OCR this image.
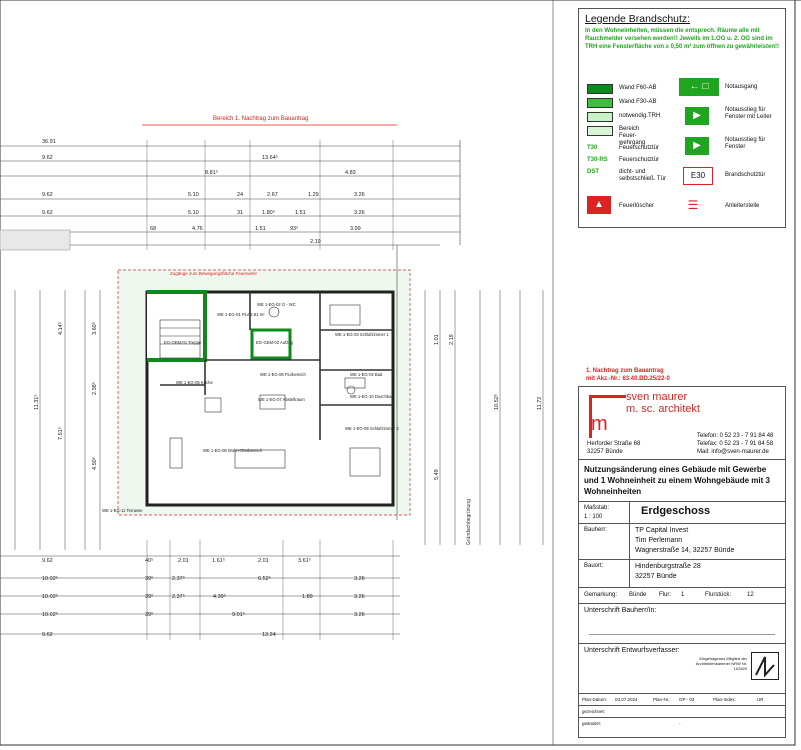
36.91
9.62	13.64⁵
8.81⁵	4.83
9.62	5.10	24	2.67	1.29	3.26
9.62	5.10	31	1.80⁵	1.51	3.26
68	4.76	1.51	93⁵	3.99
2.19
9.62	40⁵	2.01	1.61⁵	2.01	3.61⁵
10.02⁵	39⁵	2.37⁵	6.52⁶	3.26
10.02⁵	39⁵	2.37⁵	4.39⁵	1.89	3.26
10.02⁵	39⁵	9.01⁵	3.26
9.62	13.24
4.14⁵	3.60⁵
11.31⁵
2.38⁵
4.50⁵
7.51⁵
1.01 2.19
10.52⁵	11.72
5.49
Bereich 1. Nachtrag zum Bauantrag
Gründachbegrünung
Zugänge zum Bewegungsfläche Feuerwehr
WE 1-EG-01 Flur 3.81 m²
WE 1-EG-02 G - WC
WE 1-EG-03 Schlafzimmer 1
WE 1-EG-04 Bad
WE 1-EG-05 Küche
WE 1-EG-06 Flurbereich
WE 1-EG-07 Abstellraum
WE 1-EG-08 Wohn-/Essbereich
WE 1-EG-09 Schlafzimmer 2
WE 1-EG-10 Duschbad
WE 1-EG-11 Terrasse
EG-GEM-01 Treppe	EG-GEM-02 Aufzug
Legende Brandschutz:
In den Wohneinheiten, müssen die entsprech. Räume alle mit Rauchmelder versehen werden!! Jeweils im 1.OG u. 2. OG sind im TRH eine Fensterfläche von ≥ 0,50 m² zum öffnen zu gewährleisten!!
Wand F60-AB
Wand F30-AB
notwendig.TRH
Bereich Feuer-wehrgang
T30	Feuerschutztür
T30-RS Feuerschutztür
DST	dicht- und selbstschließ. Tür
▲	Feuerlöscher
← □	Notausgang
▶	Notausstieg für Fenster mit Leiter
▶	Notausstieg für Fenster
E30	Brandschutztür
☰	Anleiterstelle
1. Nachtrag zum Bauantrag
mit Akz.-Nr.: 63.40.BD.25/22-0
m
sven maurer
m. sc. architekt
Herforder Straße 68
32257 Bünde
Telefon: 0 52 23 - 7 91 84 48
Telefax: 0 52 23 - 7 91 84 58
Mail: info@sven-maurer.de
Nutzungsänderung eines Gebäude mit Gewerbe und 1 Wohneinheit zu einem Wohngebäude mit 3 Wohneinheiten
Maßstab:
1 : 100	Erdgeschoss
Bauherr:	TP Capital Invest
Tim Perlemann
Wagnerstraße 14, 32257 Bünde
Bauort:	Hindenburgstraße 28
32257 Bünde
Gemarkung: Bünde Flur: 1	Flurstück:	12
Unterschrift Bauherr/In:
Unterschrift Entwurfsverfasser:
Eingetragenes Mitglied der Architektenkammer NRW Nr. 102620
Plan-Datum: 03.07.2024	Plan-Nr.: GP - 03	Plan-Index:	UR
gezeichnet:
geändert:	-
